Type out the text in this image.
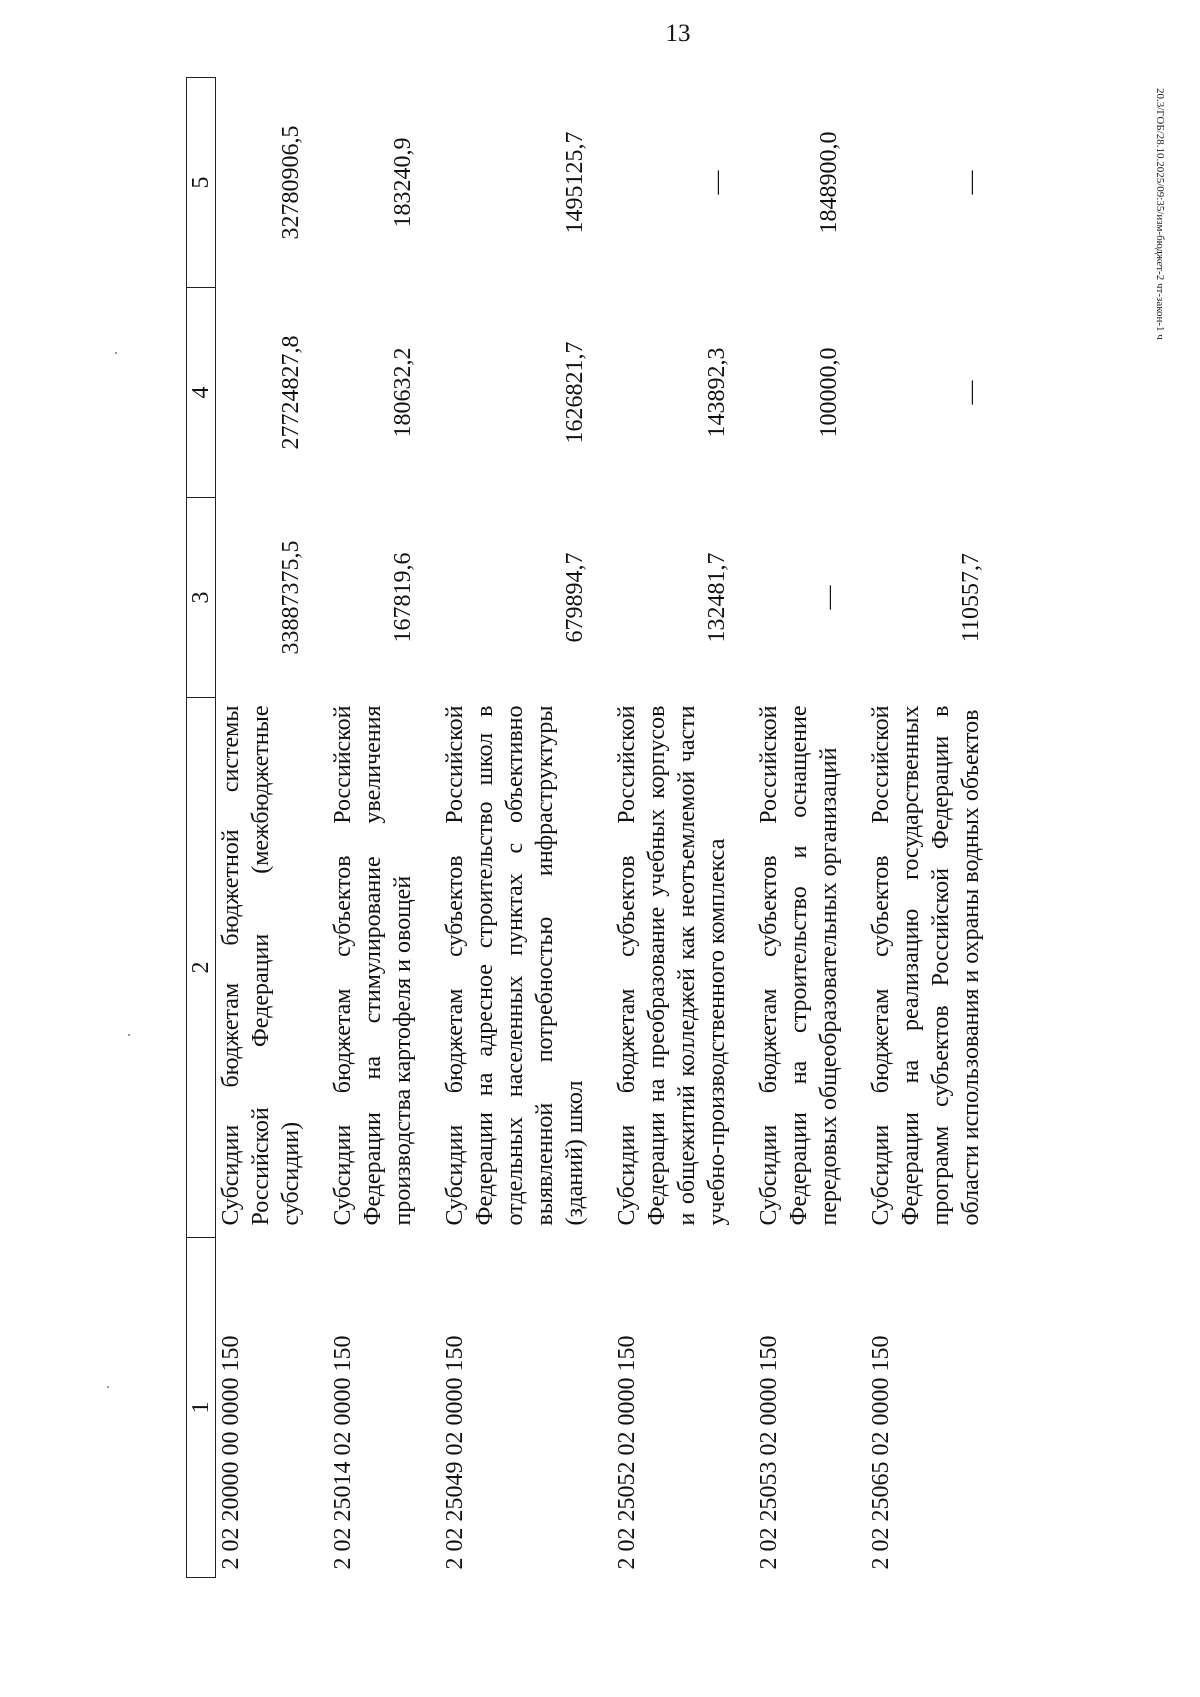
13
20.3/ГОБ/28.10.2025/09:35/изм-бюджет-2 чт-закон-1 ч
1	2	3	4	5
2 02 20000 00 0000 150	Субсидии бюджетам бюджетной системы Российской Федерации (межбюджетные субсидии)	33887375,5	27724827,8	32780906,5
2 02 25014 02 0000 150	Субсидии бюджетам субъектов Российской Федерации на стимулирование увеличения производства картофеля и овощей	167819,6	180632,2	183240,9
2 02 25049 02 0000 150	Субсидии бюджетам субъектов Российской Федерации на адресное строительство школ в отдельных населенных пунктах с объективно выявленной потребностью инфраструктуры (зданий) школ	679894,7	1626821,7	1495125,7
2 02 25052 02 0000 150	Субсидии бюджетам субъектов Российской Федерации на преобразование учебных корпусов и общежитий колледжей как неотъемлемой части учебно-производственного комплекса	132481,7	143892,3	—
2 02 25053 02 0000 150	Субсидии бюджетам субъектов Российской Федерации на строительство и оснащение передовых общеобразовательных организаций	—	100000,0	1848900,0
2 02 25065 02 0000 150	Субсидии бюджетам субъектов Российской Федерации на реализацию государственных программ субъектов Российской Федерации в области использования и охраны водных объектов	110557,7	—	—
